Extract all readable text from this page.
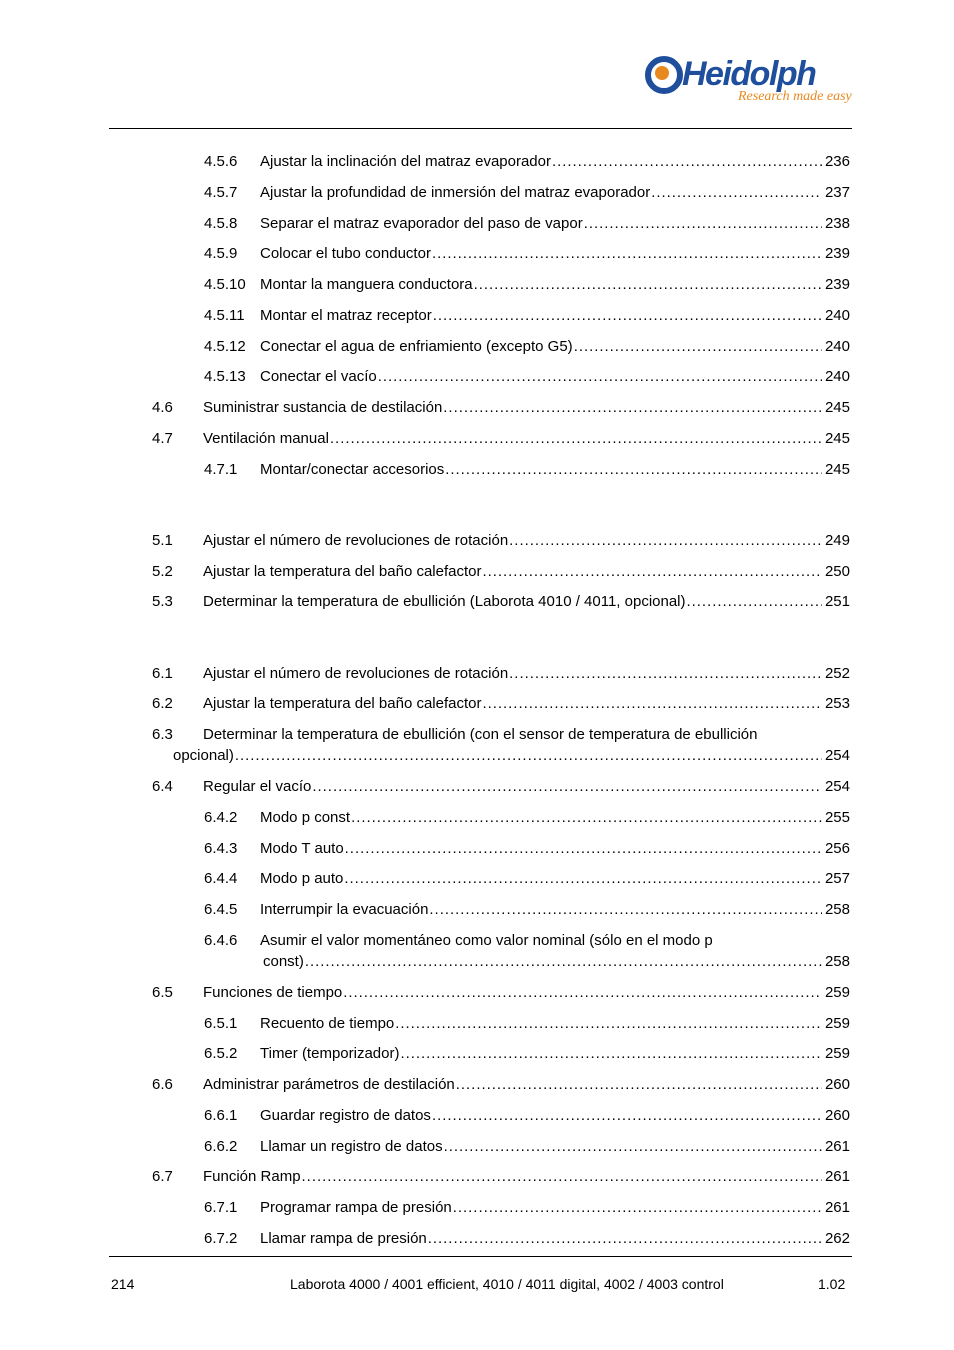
Heidolph
Research made easy
4.5.6 Ajustar la inclinación del matraz evaporador . . .	236
4.5.7 Ajustar la profundidad de inmersión del matraz evaporador . . .	237
4.5.8 Separar el matraz evaporador del paso de vapor . . .	238
4.5.9 Colocar el tubo conductor . . .	239
4.5.10 Montar la manguera conductora . . .	239
4.5.11 Montar el matraz receptor . . .	240
4.5.12 Conectar el agua de enfriamiento (excepto G5) . . .	240
4.5.13 Conectar el vacío . . .	240
4.6 Suministrar sustancia de destilación . . .	245
4.7 Ventilación manual . . .	245
4.7.1 Montar/conectar accesorios . . .	245
5.1 Ajustar el número de revoluciones de rotación . . .	249
5.2 Ajustar la temperatura del baño calefactor . . .	250
5.3 Determinar la temperatura de ebullición (Laborota 4010 / 4011, opcional) . . .	251
6.1 Ajustar el número de revoluciones de rotación . . .	252
6.2 Ajustar la temperatura del baño calefactor . . .	253
6.3 Determinar la temperatura de ebullición (con el sensor de temperatura de ebullición
opcional) . . .	254
6.4 Regular el vacío . . .	254
6.4.2 Modo p const . . .	255
6.4.3 Modo T auto . . .	256
6.4.4 Modo p auto . . .	257
6.4.5 Interrumpir la evacuación . . .	258
6.4.6 Asumir el valor momentáneo como valor nominal (sólo en el modo p
const) . . .	258
6.5 Funciones de tiempo . . .	259
6.5.1 Recuento de tiempo . . .	259
6.5.2 Timer (temporizador) . . .	259
6.6 Administrar parámetros de destilación . . .	260
6.6.1 Guardar registro de datos . . .	260
6.6.2 Llamar un registro de datos . . .	261
6.7 Función Ramp . . .	261
6.7.1 Programar rampa de presión . . .	261
6.7.2 Llamar rampa de presión . . .	262
214	Laborota 4000 / 4001 efficient, 4010 / 4011 digital, 4002 / 4003 control	1.02
